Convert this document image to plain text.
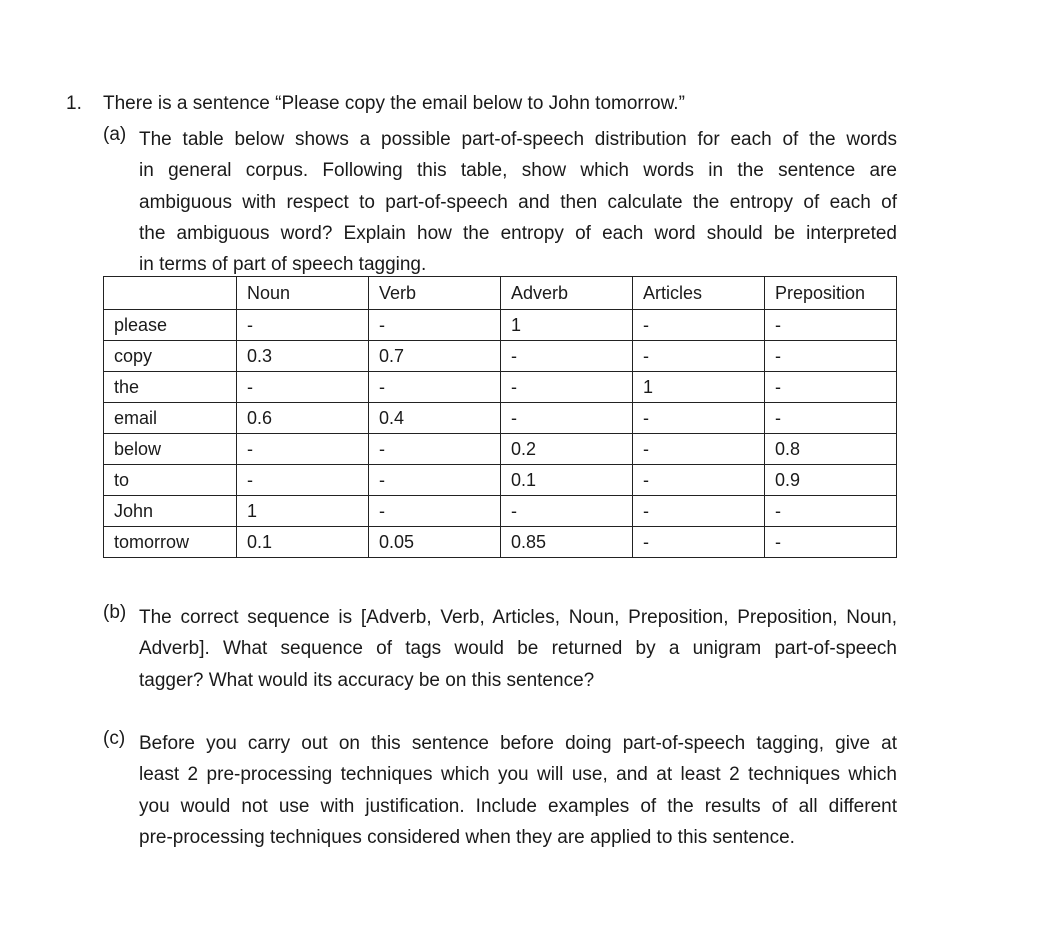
1. There is a sentence “Please copy the email below to John tomorrow.”
(a) The table below shows a possible part-of-speech distribution for each of the words
in general corpus. Following this table, show which words in the sentence are
ambiguous with respect to part-of-speech and then calculate the entropy of each of
the ambiguous word? Explain how the entropy of each word should be interpreted
in terms of part of speech tagging.
	Noun	Verb	Adverb	Articles	Preposition
please	-	-	1	-	-
copy	0.3	0.7	-	-	-
the	-	-	-	1	-
email	0.6	0.4	-	-	-
below	-	-	0.2	-	0.8
to	-	-	0.1	-	0.9
John	1	-	-	-	-
tomorrow	0.1	0.05	0.85	-	-
(b) The correct sequence is [Adverb, Verb, Articles, Noun, Preposition, Preposition, Noun,
Adverb]. What sequence of tags would be returned by a unigram part-of-speech
tagger? What would its accuracy be on this sentence?
(c) Before you carry out on this sentence before doing part-of-speech tagging, give at
least 2 pre-processing techniques which you will use, and at least 2 techniques which
you would not use with justification. Include examples of the results of all different
pre-processing techniques considered when they are applied to this sentence.
